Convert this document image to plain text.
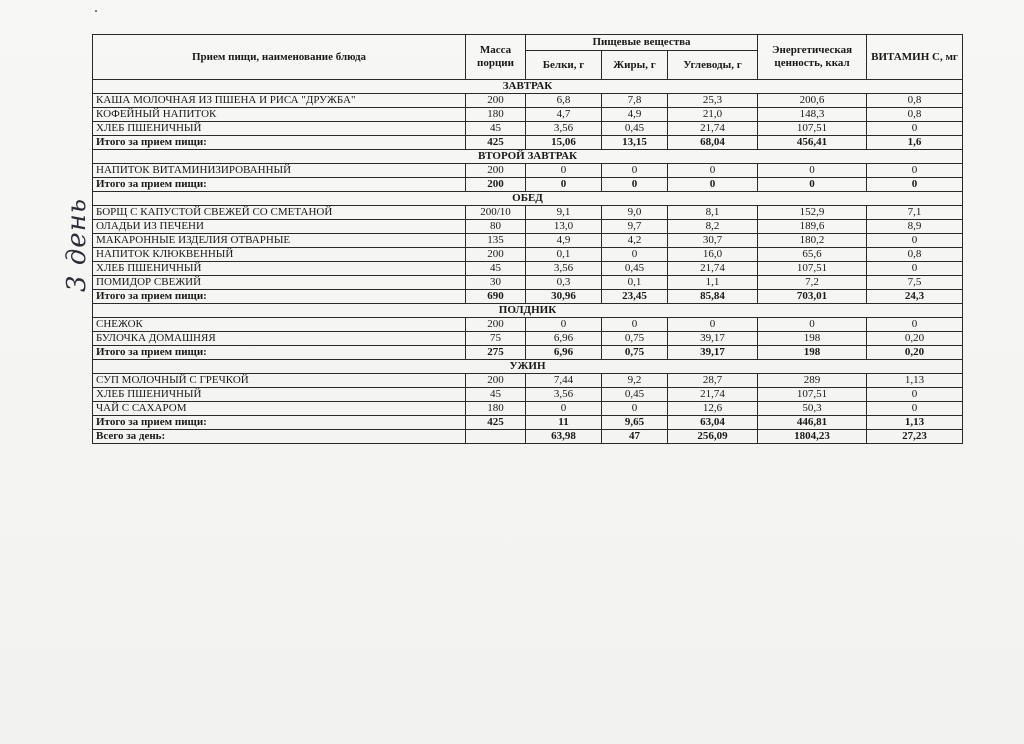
3 день
Прием пищи, наименование блюда	Масса порции	Пищевые вещества			Энергетическая ценность, ккал	ВИТАМИН С, мг
		Белки, г	Жиры, г	Углеводы, г		
ЗАВТРАК						
КАША МОЛОЧНАЯ ИЗ ПШЕНА И РИСА "ДРУЖБА"	200	6,8	7,8	25,3	200,6	0,8
КОФЕЙНЫЙ НАПИТОК	180	4,7	4,9	21,0	148,3	0,8
ХЛЕБ ПШЕНИЧНЫЙ	45	3,56	0,45	21,74	107,51	0
Итого за прием пищи:	425	15,06	13,15	68,04	456,41	1,6
ВТОРОЙ ЗАВТРАК						
НАПИТОК ВИТАМИНИЗИРОВАННЫЙ	200	0	0	0	0	0
Итого за прием пищи:	200	0	0	0	0	0
ОБЕД						
БОРЩ С КАПУСТОЙ СВЕЖЕЙ СО СМЕТАНОЙ	200/10	9,1	9,0	8,1	152,9	7,1
ОЛАДЬИ ИЗ ПЕЧЕНИ	80	13,0	9,7	8,2	189,6	8,9
МАКАРОННЫЕ ИЗДЕЛИЯ ОТВАРНЫЕ	135	4,9	4,2	30,7	180,2	0
НАПИТОК КЛЮКВЕННЫЙ	200	0,1	0	16,0	65,6	0,8
ХЛЕБ ПШЕНИЧНЫЙ	45	3,56	0,45	21,74	107,51	0
ПОМИДОР СВЕЖИЙ	30	0,3	0,1	1,1	7,2	7,5
Итого за прием пищи:	690	30,96	23,45	85,84	703,01	24,3
ПОЛДНИК						
СНЕЖОК	200	0	0	0	0	0
БУЛОЧКА ДОМАШНЯЯ	75	6,96	0,75	39,17	198	0,20
Итого за прием пищи:	275	6,96	0,75	39,17	198	0,20
УЖИН						
СУП МОЛОЧНЫЙ С ГРЕЧКОЙ	200	7,44	9,2	28,7	289	1,13
ХЛЕБ ПШЕНИЧНЫЙ	45	3,56	0,45	21,74	107,51	0
ЧАЙ С САХАРОМ	180	0	0	12,6	50,3	0
Итого за прием пищи:	425	11	9,65	63,04	446,81	1,13
Всего за день:		63,98	47	256,09	1804,23	27,23
